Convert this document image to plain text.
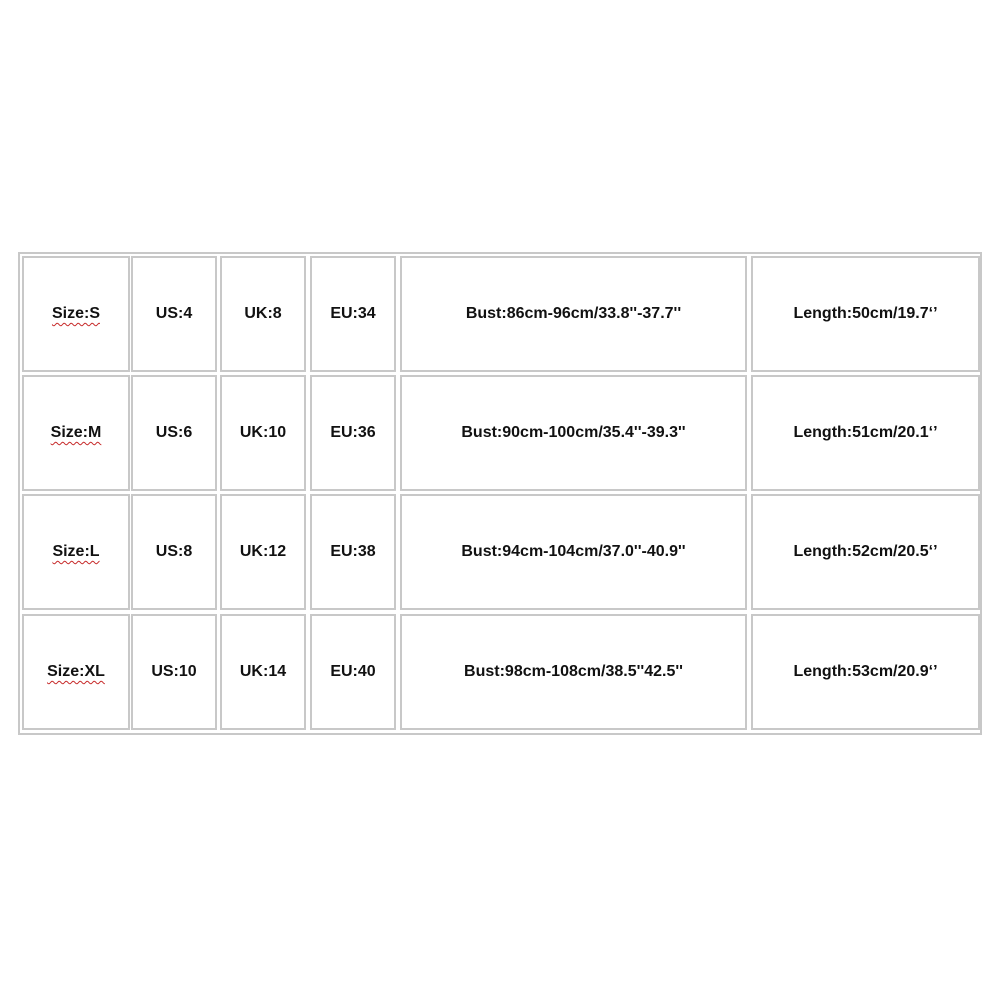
Size:S	US:4	UK:8	EU:34	Bust:86cm-96cm/33.8''-37.7''	Length:50cm/19.7‘’
Size:M	US:6	UK:10	EU:36	Bust:90cm-100cm/35.4''-39.3''	Length:51cm/20.1‘’
Size:L	US:8	UK:12	EU:38	Bust:94cm-104cm/37.0''-40.9''	Length:52cm/20.5‘’
Size:XL	US:10	UK:14	EU:40	Bust:98cm-108cm/38.5''42.5''	Length:53cm/20.9‘’
